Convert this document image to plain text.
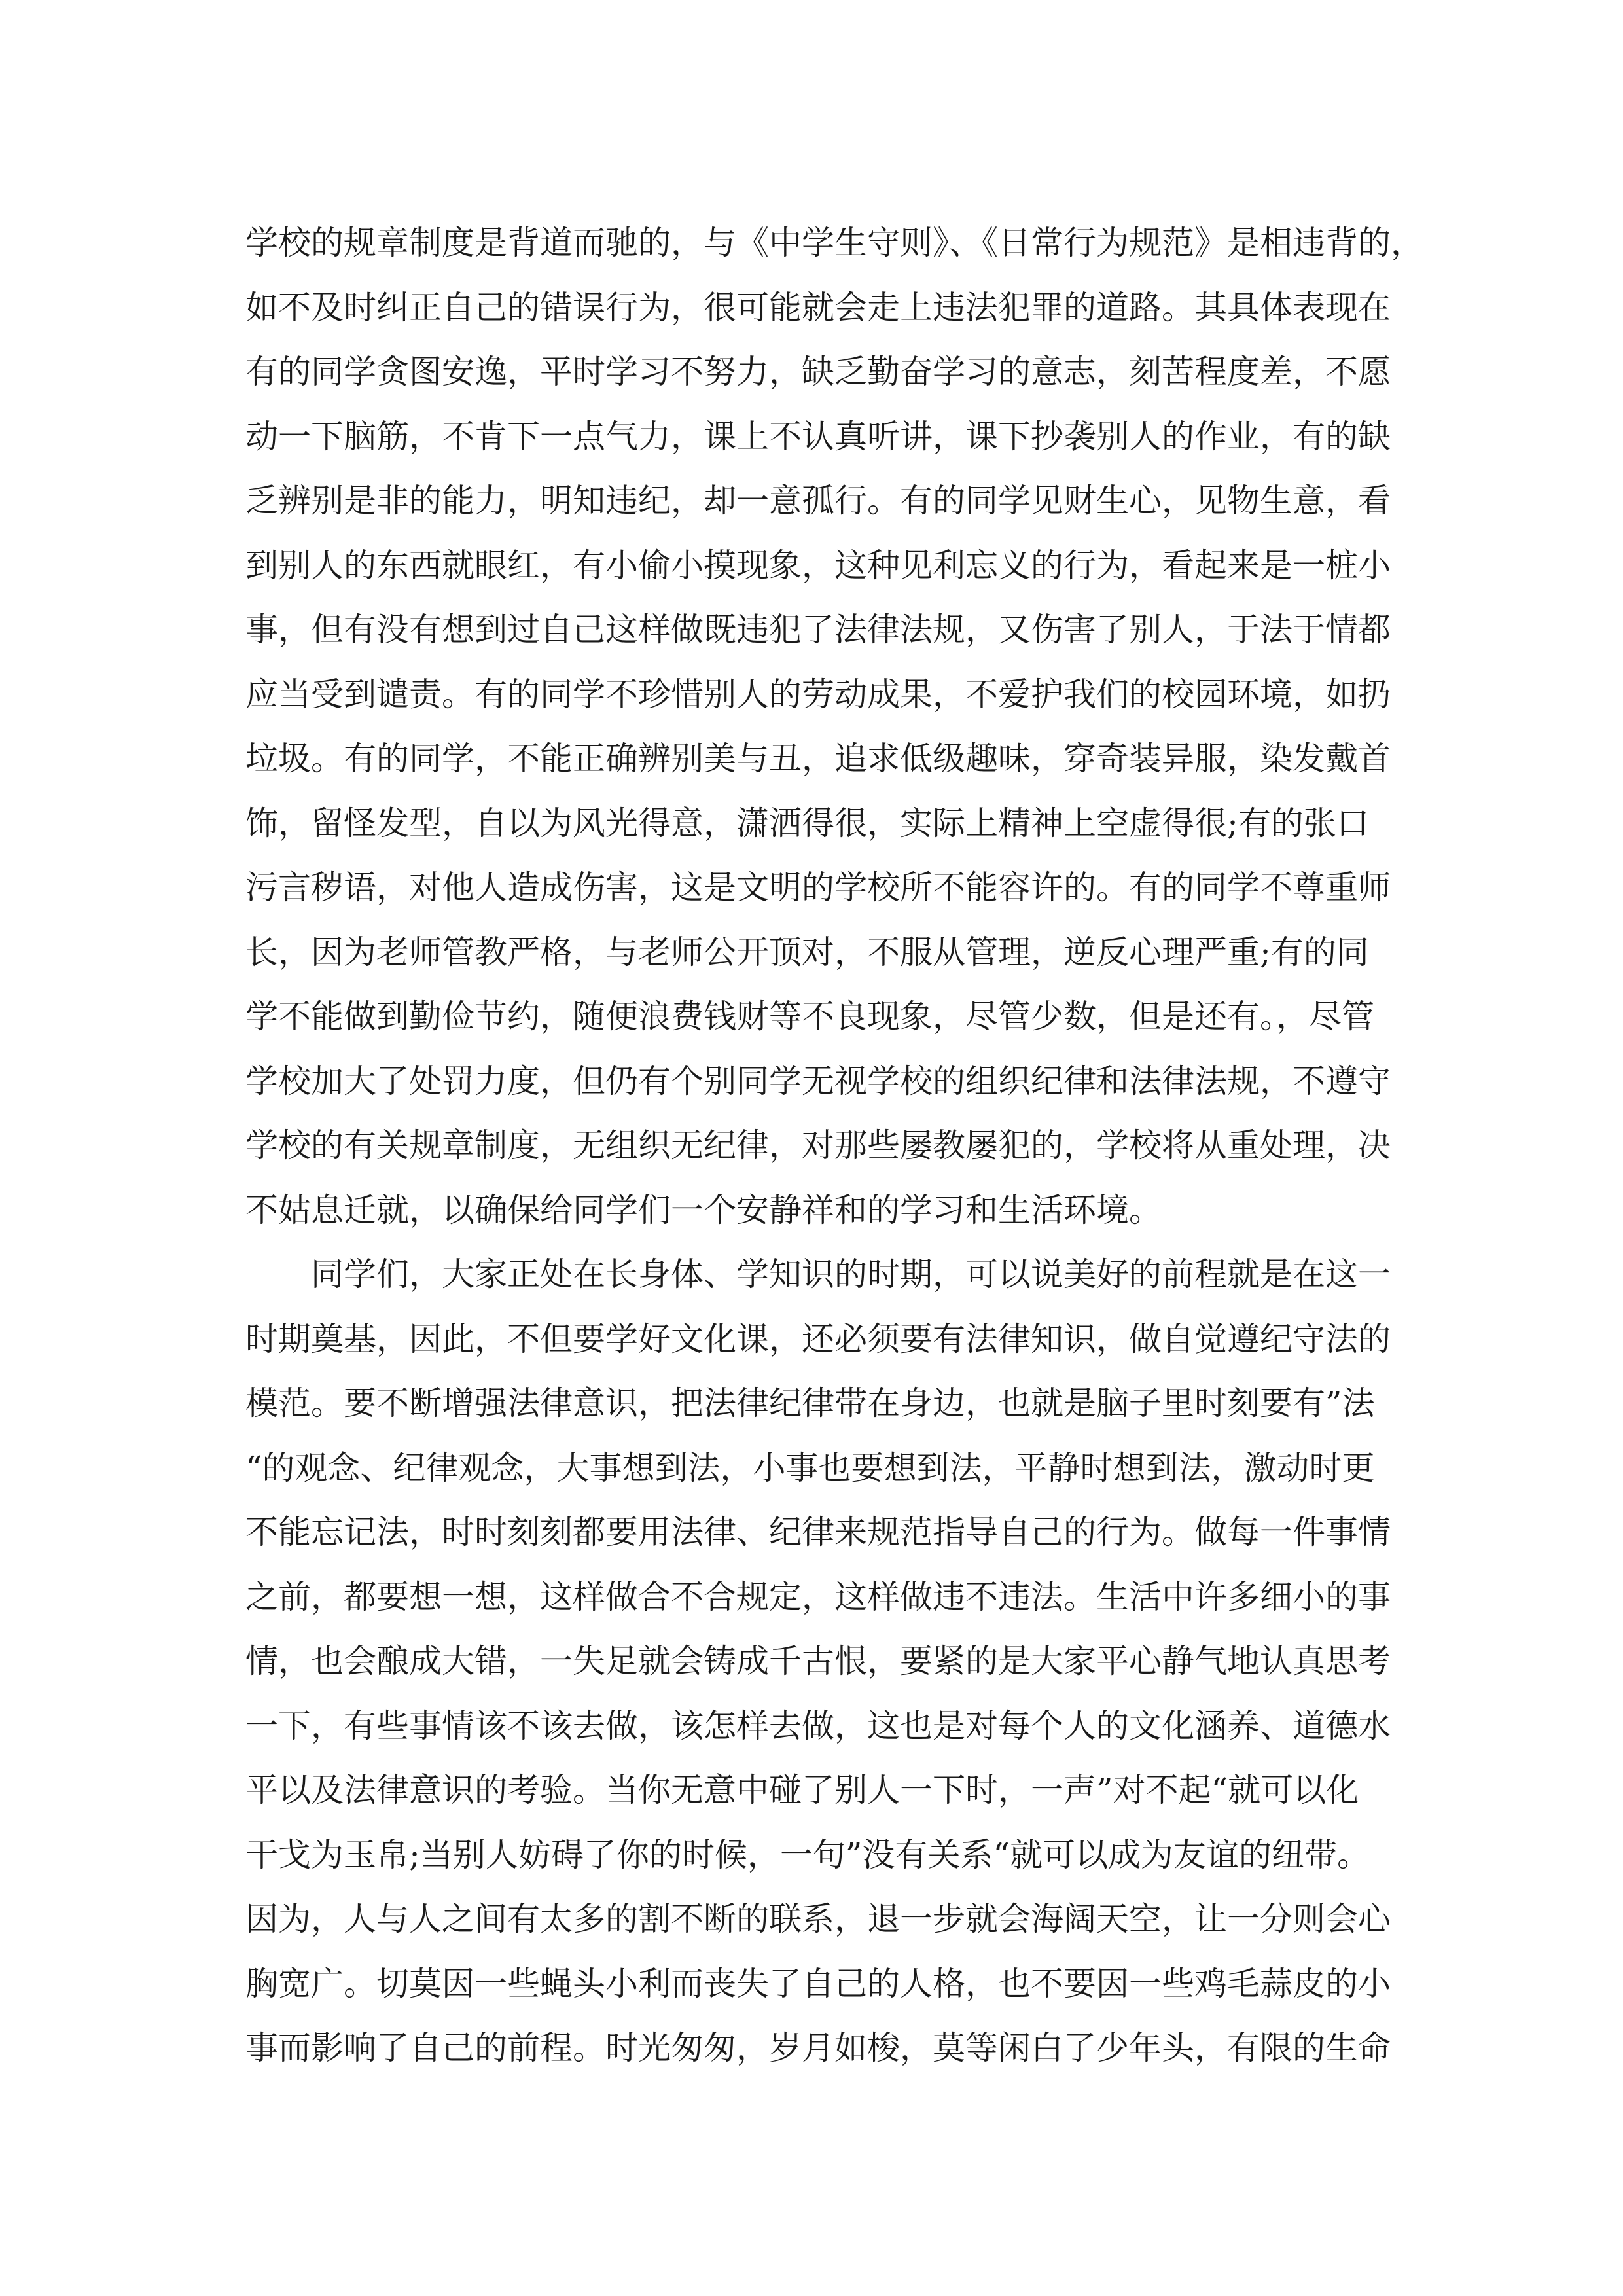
学校的规章制度是背道而驰的，与《中学生守则》、《日常行为规范》是相违背的，
如不及时纠正自己的错误行为，很可能就会走上违法犯罪的道路。其具体表现在
有的同学贪图安逸，平时学习不努力，缺乏勤奋学习的意志，刻苦程度差，不愿
动一下脑筋，不肯下一点气力，课上不认真听讲，课下抄袭别人的作业，有的缺
乏辨别是非的能力，明知违纪，却一意孤行。有的同学见财生心，见物生意，看
到别人的东西就眼红，有小偷小摸现象，这种见利忘义的行为，看起来是一桩小
事，但有没有想到过自己这样做既违犯了法律法规，又伤害了别人，于法于情都
应当受到谴责。有的同学不珍惜别人的劳动成果，不爱护我们的校园环境，如扔
垃圾。有的同学，不能正确辨别美与丑，追求低级趣味，穿奇装异服，染发戴首
饰，留怪发型，自以为风光得意，潇洒得很，实际上精神上空虚得很;有的张口
污言秽语，对他人造成伤害，这是文明的学校所不能容许的。有的同学不尊重师
长，因为老师管教严格，与老师公开顶对，不服从管理，逆反心理严重;有的同
学不能做到勤俭节约，随便浪费钱财等不良现象，尽管少数，但是还有。，尽管
学校加大了处罚力度，但仍有个别同学无视学校的组织纪律和法律法规，不遵守
学校的有关规章制度，无组织无纪律，对那些屡教屡犯的，学校将从重处理，决
不姑息迁就，以确保给同学们一个安静祥和的学习和生活环境。
同学们，大家正处在长身体、学知识的时期，可以说美好的前程就是在这一
时期奠基，因此，不但要学好文化课，还必须要有法律知识，做自觉遵纪守法的
模范。要不断增强法律意识，把法律纪律带在身边，也就是脑子里时刻要有”法
“的观念、纪律观念，大事想到法，小事也要想到法，平静时想到法，激动时更
不能忘记法，时时刻刻都要用法律、纪律来规范指导自己的行为。做每一件事情
之前，都要想一想，这样做合不合规定，这样做违不违法。生活中许多细小的事
情，也会酿成大错，一失足就会铸成千古恨，要紧的是大家平心静气地认真思考
一下，有些事情该不该去做，该怎样去做，这也是对每个人的文化涵养、道德水
平以及法律意识的考验。当你无意中碰了别人一下时，一声”对不起“就可以化
干戈为玉帛;当别人妨碍了你的时候，一句”没有关系“就可以成为友谊的纽带。
因为，人与人之间有太多的割不断的联系，退一步就会海阔天空，让一分则会心
胸宽广。切莫因一些蝇头小利而丧失了自己的人格，也不要因一些鸡毛蒜皮的小
事而影响了自己的前程。时光匆匆，岁月如梭，莫等闲白了少年头，有限的生命
